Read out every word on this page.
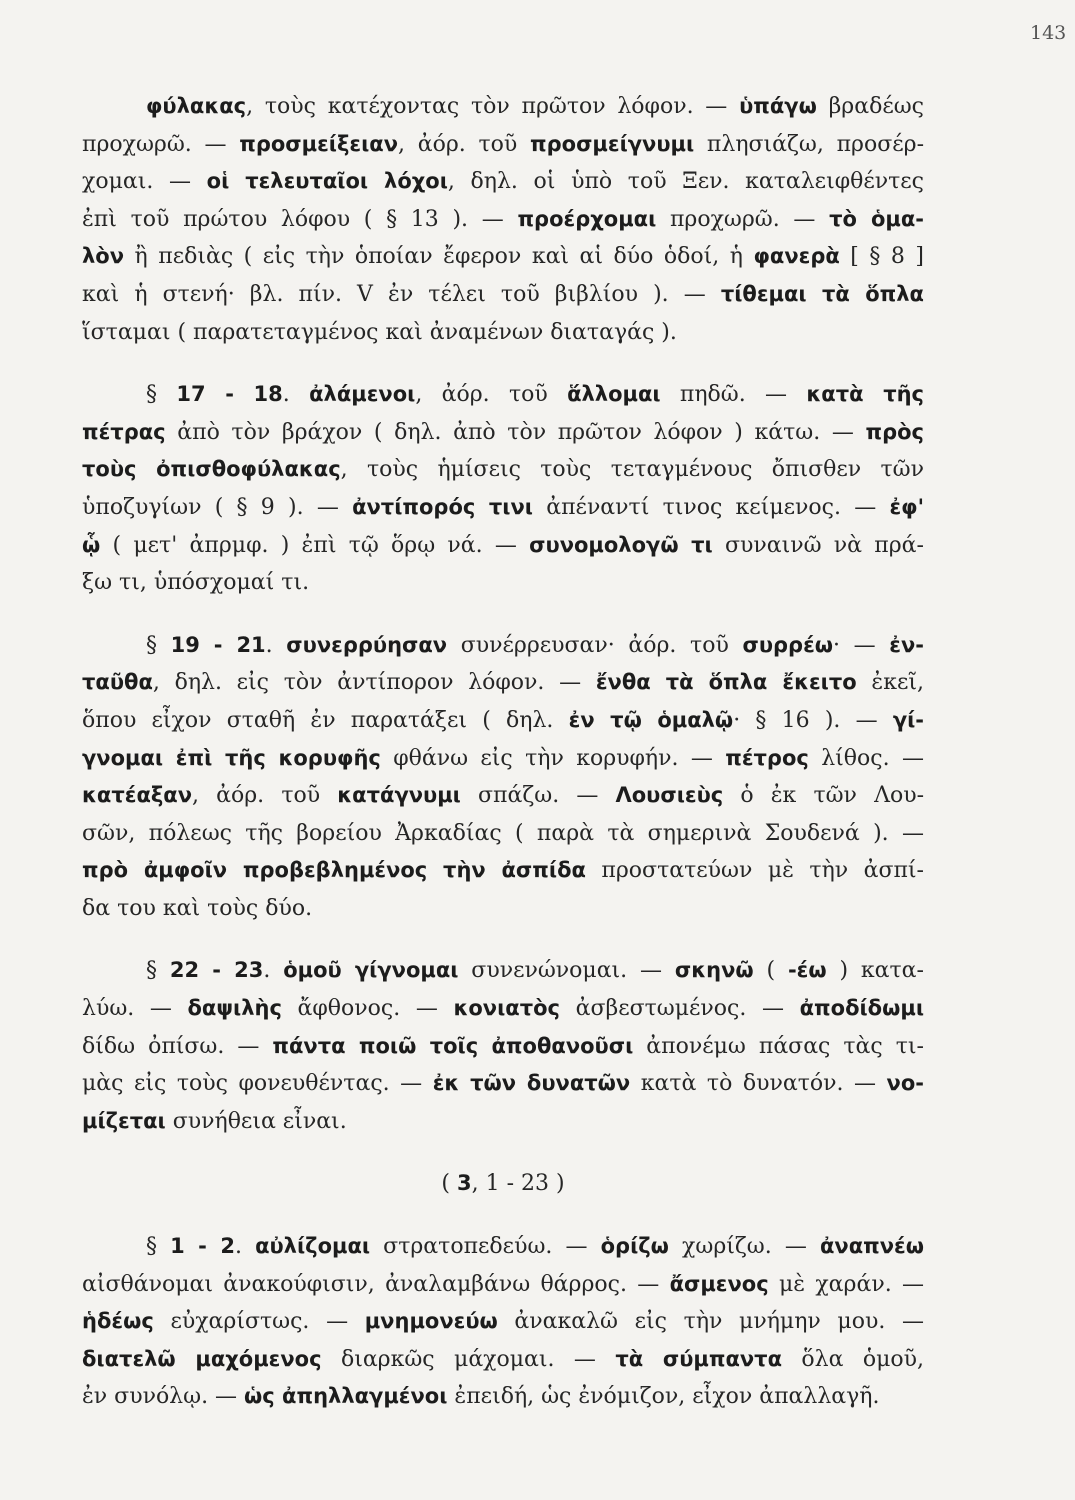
143
φύλακας, τοὺς κατέχοντας τὸν πρῶτον λόφον. — ὑπάγω βραδέως
προχωρῶ. — προσμείξειαν, ἀόρ. τοῦ προσμείγνυμι πλησιάζω, προσέρ-
χομαι. — οἱ τελευταῖοι λόχοι, δηλ. οἱ ὑπὸ τοῦ Ξεν. καταλειφθέντες
ἐπὶ τοῦ πρώτου λόφου ( § 13 ). — προέρχομαι προχωρῶ. — τὸ ὁμα-
λὸν ἢ πεδιὰς ( εἰς τὴν ὁποίαν ἔφερον καὶ αἱ δύο ὁδοί, ἡ φανερὰ [ § 8 ]
καὶ ἡ στενή· βλ. πίν. V ἐν τέλει τοῦ βιβλίου ). — τίθεμαι τὰ ὅπλα
ἵσταμαι ( παρατεταγμένος καὶ ἀναμένων διαταγάς ).
§ 17 - 18. ἀλάμενοι, ἀόρ. τοῦ ἅλλομαι πηδῶ. — κατὰ τῆς
πέτρας ἀπὸ τὸν βράχον ( δηλ. ἀπὸ τὸν πρῶτον λόφον ) κάτω. — πρὸς
τοὺς ὀπισθοφύλακας, τοὺς ἡμίσεις τοὺς τεταγμένους ὄπισθεν τῶν
ὑποζυγίων ( § 9 ). — ἀντίπορός τινι ἀπέναντί τινος κείμενος. — ἐφ'
ᾧ ( μετ' ἀπρμφ. ) ἐπὶ τῷ ὅρῳ νά. — συνομολογῶ τι συναινῶ νὰ πρά-
ξω τι, ὑπόσχομαί τι.
§ 19 - 21. συνερρύησαν συνέρρευσαν· ἀόρ. τοῦ συρρέω· — ἐν-
ταῦθα, δηλ. εἰς τὸν ἀντίπορον λόφον. — ἔνθα τὰ ὅπλα ἔκειτο ἐκεῖ,
ὅπου εἶχον σταθῆ ἐν παρατάξει ( δηλ. ἐν τῷ ὁμαλῷ· § 16 ). — γί-
γνομαι ἐπὶ τῆς κορυφῆς φθάνω εἰς τὴν κορυφήν. — πέτρος λίθος. —
κατέαξαν, ἀόρ. τοῦ κατάγνυμι σπάζω. — Λουσιεὺς ὁ ἐκ τῶν Λου-
σῶν, πόλεως τῆς βορείου Ἀρκαδίας ( παρὰ τὰ σημερινὰ Σουδενά ). —
πρὸ ἀμφοῖν προβεβλημένος τὴν ἀσπίδα προστατεύων μὲ τὴν ἀσπί-
δα του καὶ τοὺς δύο.
§ 22 - 23. ὁμοῦ γίγνομαι συνενώνομαι. — σκηνῶ ( -έω ) κατα-
λύω. — δαψιλὴς ἄφθονος. — κονιατὸς ἀσβεστωμένος. — ἀποδίδωμι
δίδω ὀπίσω. — πάντα ποιῶ τοῖς ἀποθανοῦσι ἀπονέμω πάσας τὰς τι-
μὰς εἰς τοὺς φονευθέντας. — ἐκ τῶν δυνατῶν κατὰ τὸ δυνατόν. — νο-
μίζεται συνήθεια εἶναι.
( 3, 1 - 23 )
§ 1 - 2. αὐλίζομαι στρατοπεδεύω. — ὁρίζω χωρίζω. — ἀναπνέω
αἰσθάνομαι ἀνακούφισιν, ἀναλαμβάνω θάρρος. — ἄσμενος μὲ χαράν. —
ἡδέως εὐχαρίστως. — μνημονεύω ἀνακαλῶ εἰς τὴν μνήμην μου. —
διατελῶ μαχόμενος διαρκῶς μάχομαι. — τὰ σύμπαντα ὅλα ὁμοῦ,
ἐν συνόλῳ. — ὡς ἀπηλλαγμένοι ἐπειδή, ὡς ἐνόμιζον, εἶχον ἀπαλλαγῆ.
